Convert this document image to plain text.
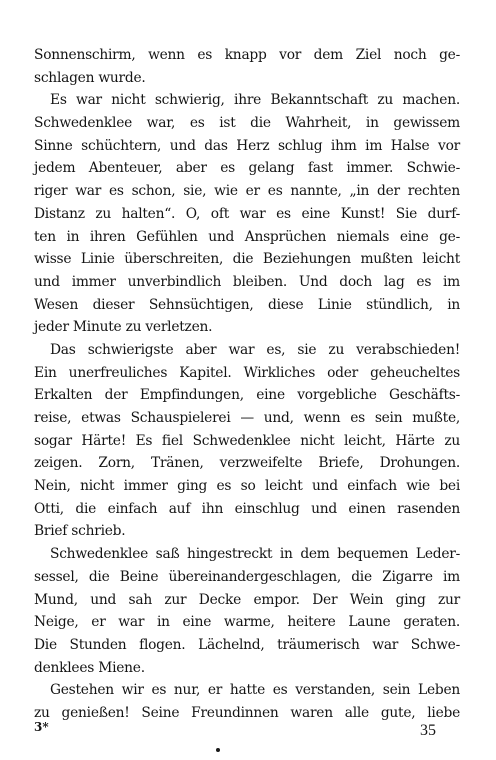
Sonnenschirm, wenn es knapp vor dem Ziel noch ge-
schlagen wurde.
Es war nicht schwierig, ihre Bekanntschaft zu machen.
Schwedenklee war, es ist die Wahrheit, in gewissem
Sinne schüchtern, und das Herz schlug ihm im Halse vor
jedem Abenteuer, aber es gelang fast immer. Schwie-
riger war es schon, sie, wie er es nannte, „in der rechten
Distanz zu halten“. O, oft war es eine Kunst! Sie durf-
ten in ihren Gefühlen und Ansprüchen niemals eine ge-
wisse Linie überschreiten, die Beziehungen mußten leicht
und immer unverbindlich bleiben. Und doch lag es im
Wesen dieser Sehnsüchtigen, diese Linie stündlich, in
jeder Minute zu verletzen.
Das schwierigste aber war es, sie zu verabschieden!
Ein unerfreuliches Kapitel. Wirkliches oder geheucheltes
Erkalten der Empfindungen, eine vorgebliche Geschäfts-
reise, etwas Schauspielerei — und, wenn es sein mußte,
sogar Härte! Es fiel Schwedenklee nicht leicht, Härte zu
zeigen. Zorn, Tränen, verzweifelte Briefe, Drohungen.
Nein, nicht immer ging es so leicht und einfach wie bei
Otti, die einfach auf ihn einschlug und einen rasenden
Brief schrieb.
Schwedenklee saß hingestreckt in dem bequemen Leder-
sessel, die Beine übereinandergeschlagen, die Zigarre im
Mund, und sah zur Decke empor. Der Wein ging zur
Neige, er war in eine warme, heitere Laune geraten.
Die Stunden flogen. Lächelnd, träumerisch war Schwe-
denklees Miene.
Gestehen wir es nur, er hatte es verstanden, sein Leben
zu genießen! Seine Freundinnen waren alle gute, liebe
3*	35
